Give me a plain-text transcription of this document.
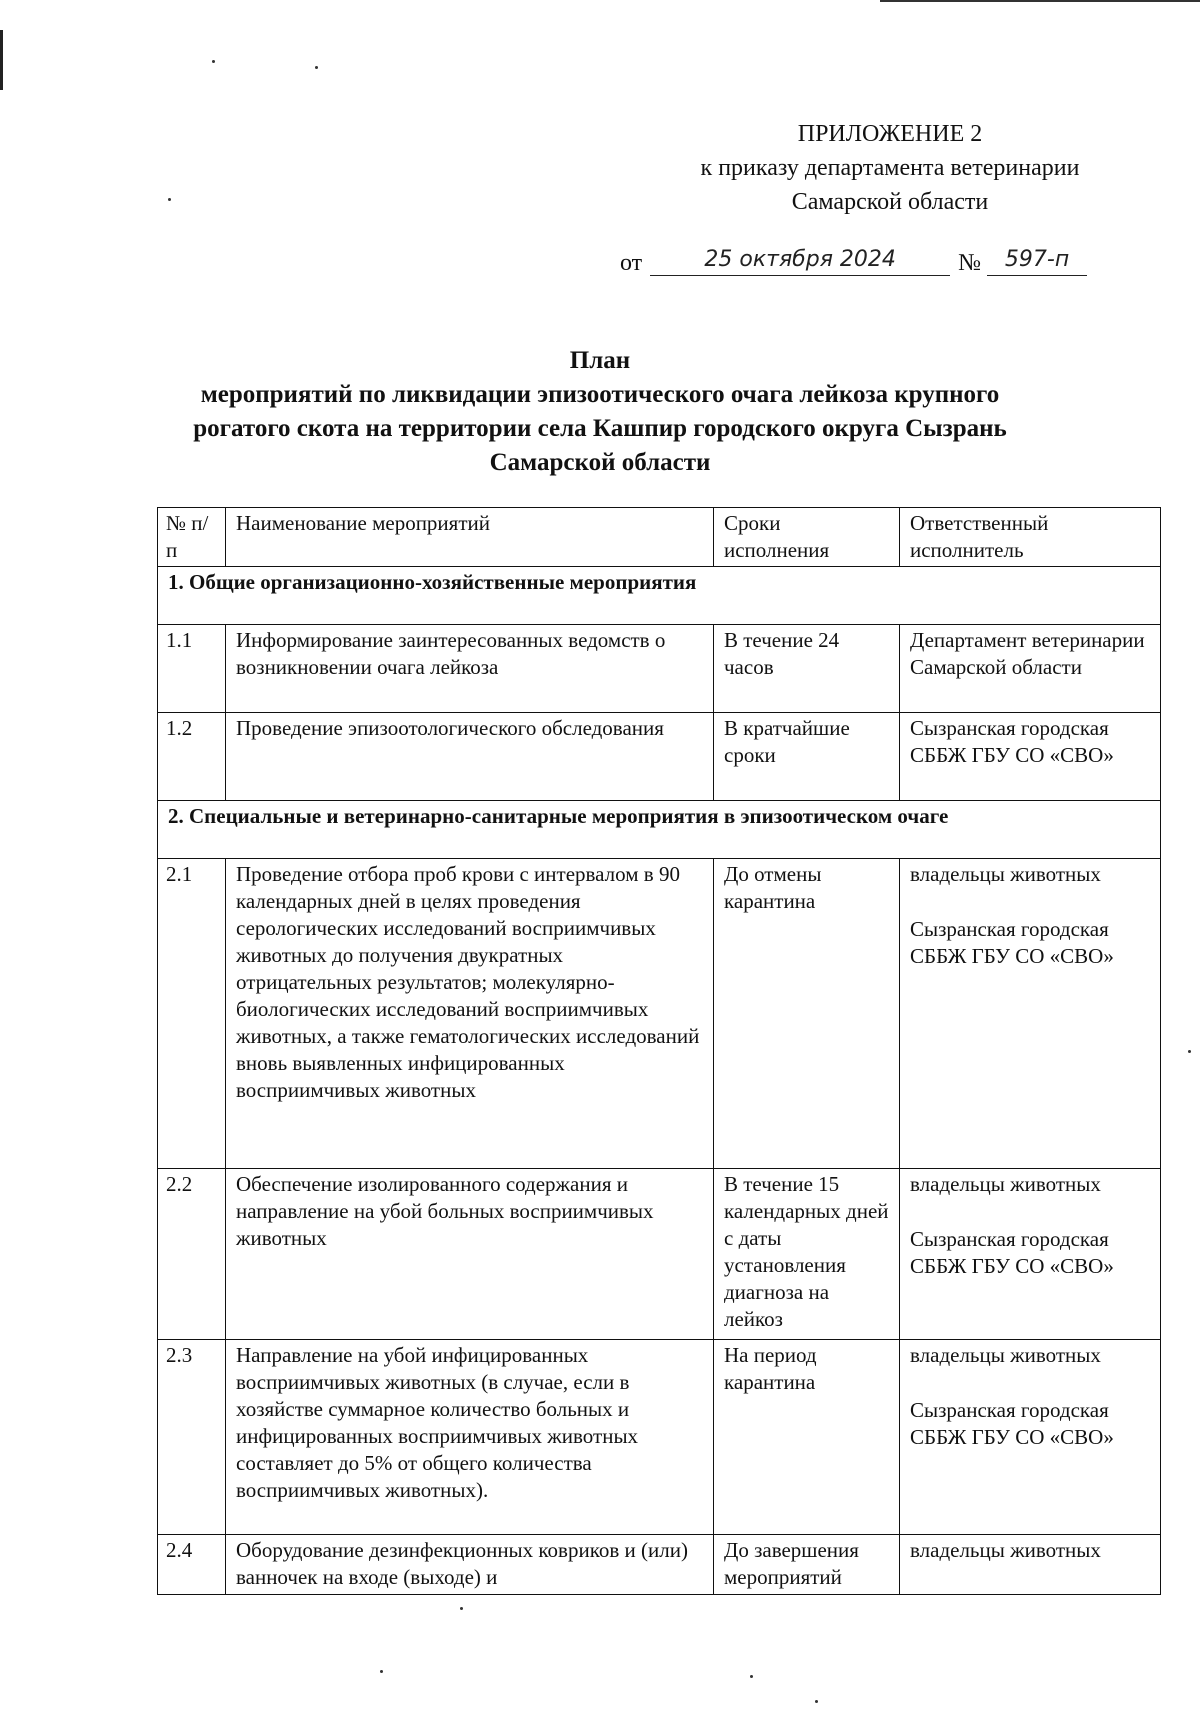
ПРИЛОЖЕНИЕ 2
к приказу департамента ветеринарии
Самарской области
от	25 октября 2024	№ 597-п
План
мероприятий по ликвидации эпизоотического очага лейкоза крупного
рогатого скота на территории села Кашпир городского округа Сызрань
Самарской области
№ п/п	Наименование мероприятий	Сроки исполнения	Ответственный исполнитель
1. Общие организационно-хозяйственные мероприятия			
1.1	Информирование заинтересованных ведомств о возникновении очага лейкоза	В течение 24 часов	Департамент ветеринарии Самарской области
1.2	Проведение эпизоотологического обследования	В кратчайшие сроки	Сызранская городская СББЖ ГБУ СО «СВО»
2. Специальные и ветеринарно-санитарные мероприятия в эпизоотическом очаге			
2.1	Проведение отбора проб крови с интервалом в 90 календарных дней в целях проведения серологических исследований восприимчивых животных до получения двукратных отрицательных результатов; молекулярно-биологических исследований восприимчивых животных, а также гематологических исследований вновь выявленных инфицированных восприимчивых животных	До отмены карантина	владельцы животных
Сызранская городская СББЖ ГБУ СО «СВО»

2.2	Обеспечение изолированного содержания и направление на убой больных восприимчивых животных	В течение 15 календарных дней с даты установления диагноза на лейкоз	владельцы животных
Сызранская городская СББЖ ГБУ СО «СВО»

2.3	Направление на убой инфицированных восприимчивых животных (в случае, если в хозяйстве суммарное количество больных и инфицированных восприимчивых животных составляет до 5% от общего количества восприимчивых животных).	На период карантина	владельцы животных
Сызранская городская СББЖ ГБУ СО «СВО»

2.4	Оборудование дезинфекционных ковриков и (или) ванночек на входе (выходе) и	До завершения мероприятий	владельцы животных
